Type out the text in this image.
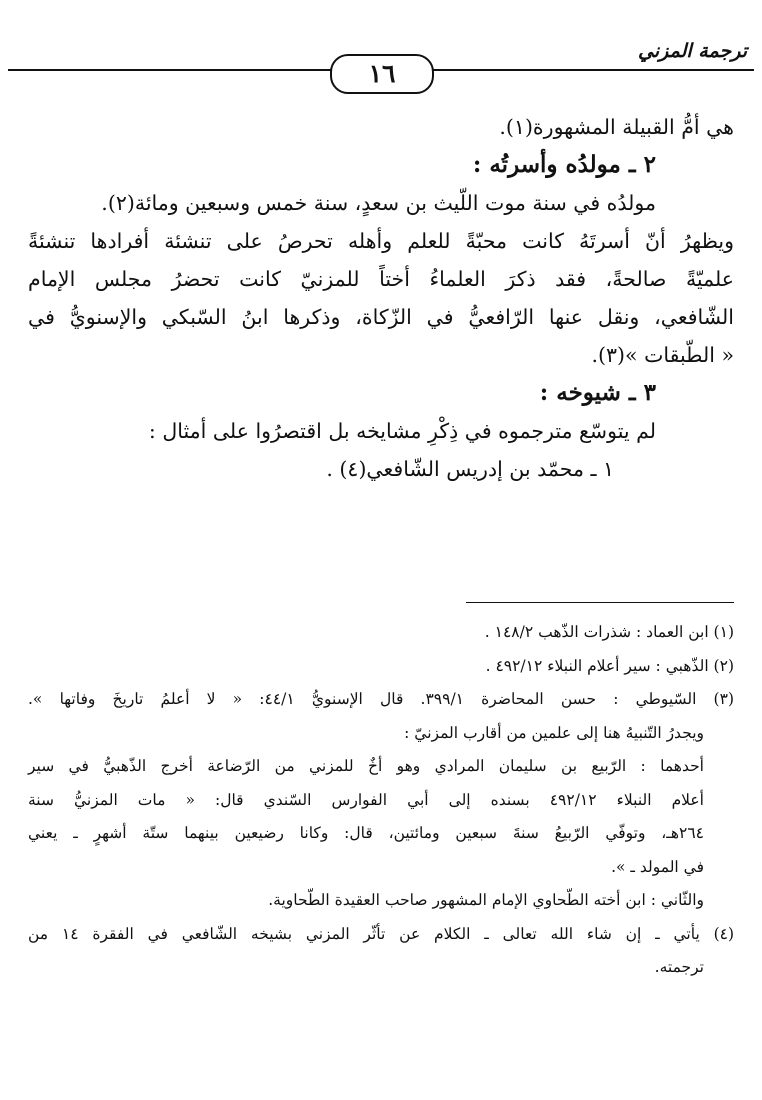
ترجمة المزني
١٦

هي أمُّ القبيلة المشهورة(١).

٢ ـ مولدُه وأسرتُه :

مولدُه في سنة موت اللّيث بن سعدٍ، سنة خمس وسبعين ومائة(٢).

ويظهرُ أنّ أسرتَهُ كانت محبّةً للعلم وأهله تحرصُ على تنشئة أفرادها تنشئةً

علميّةً صالحةً، فقد ذكرَ العلماءُ أختاً للمزنيّ كانت تحضرُ مجلس الإمام

الشّافعي، ونقل عنها الرّافعيُّ في الزّكاة، وذكرها ابنُ السّبكي والإسنويُّ في

« الطّبقات »(٣).

٣ ـ شيوخه :

لم يتوسّع مترجموه في ذِكْرِ مشايخه بل اقتصرُوا على أمثال :

١ ـ محمّد بن إدريس الشّافعي(٤) .

(١) ابن العماد : شذرات الذّهب ١٤٨/٢ .

(٢) الذّهبي : سير أعلام النبلاء ٤٩٢/١٢ .

(٣) السّيوطي : حسن المحاضرة ٣٩٩/١. قال الإسنويُّ ٤٤/١: « لا أعلمُ تاريخَ وفاتها ».

ويجدرُ التّنبيهُ هنا إلى علمين من أقارب المزنيّ :

أحدهما : الرّبيع بن سليمان المرادي وهو أخٌ للمزني من الرّضاعة أخرج الذّهبيُّ في سير

أعلام النبلاء ٤٩٢/١٢ بسنده إلى أبي الفوارس السّندي قال: « مات المزنيُّ سنة

٢٦٤هـ، وتوفّي الرّبيعُ سنةَ سبعين ومائتين، قال: وكانا رضيعين بينهما ستّة أشهرٍ ـ يعني

في المولد ـ ».

والثّاني : ابن أخته الطّحاوي الإمام المشهور صاحب العقيدة الطّحاوية.

(٤) يأتي ـ إن شاء الله تعالى ـ الكلام عن تأثّر المزني بشيخه الشّافعي في الفقرة ١٤ من

ترجمته.
